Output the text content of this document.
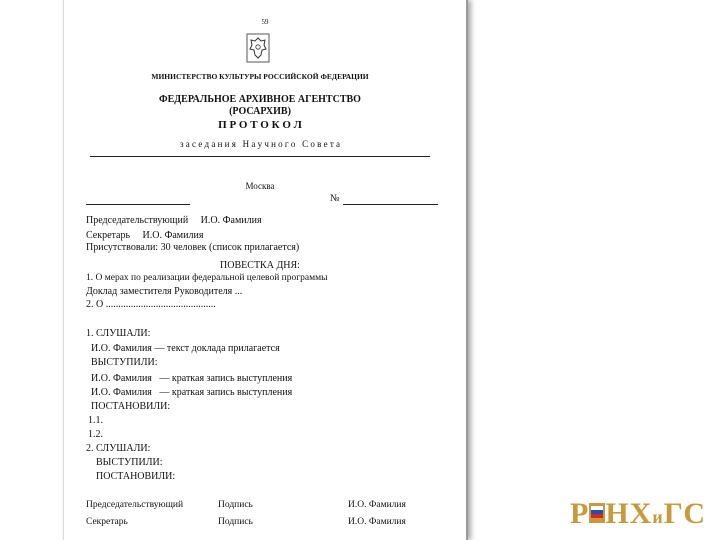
59
МИНИСТЕРСТВО КУЛЬТУРЫ РОССИЙСКОЙ ФЕДЕРАЦИИ
ФЕДЕРАЛЬНОЕ АРХИВНОЕ АГЕНТСТВО
(РОСАРХИВ)
П Р О Т О К О Л
з а с е д а н и я   Н а у ч н о г о   С о в е т а
Москва
№
Председательствующий     И.О. Фамилия
Секретарь     И.О. Фамилия
Присутствовали: 30 человек (список прилагается)
ПОВЕСТКА ДНЯ:
1. О мерах по реализации федеральной целевой программы
Доклад заместителя Руководителя ...
2. О ............................................
1. СЛУШАЛИ:
И.О. Фамилия — текст доклада прилагается
ВЫСТУПИЛИ:
И.О. Фамилия   — краткая запись выступления
И.О. Фамилия   — краткая запись выступления
ПОСТАНОВИЛИ:
1.1.
1.2.
2. СЛУШАЛИ:
ВЫСТУПИЛИ:
ПОСТАНОВИЛИ:
Председательствующий	Подпись	И.О. Фамилия
Секретарь	Подпись	И.О. Фамилия	Р НХиГС
